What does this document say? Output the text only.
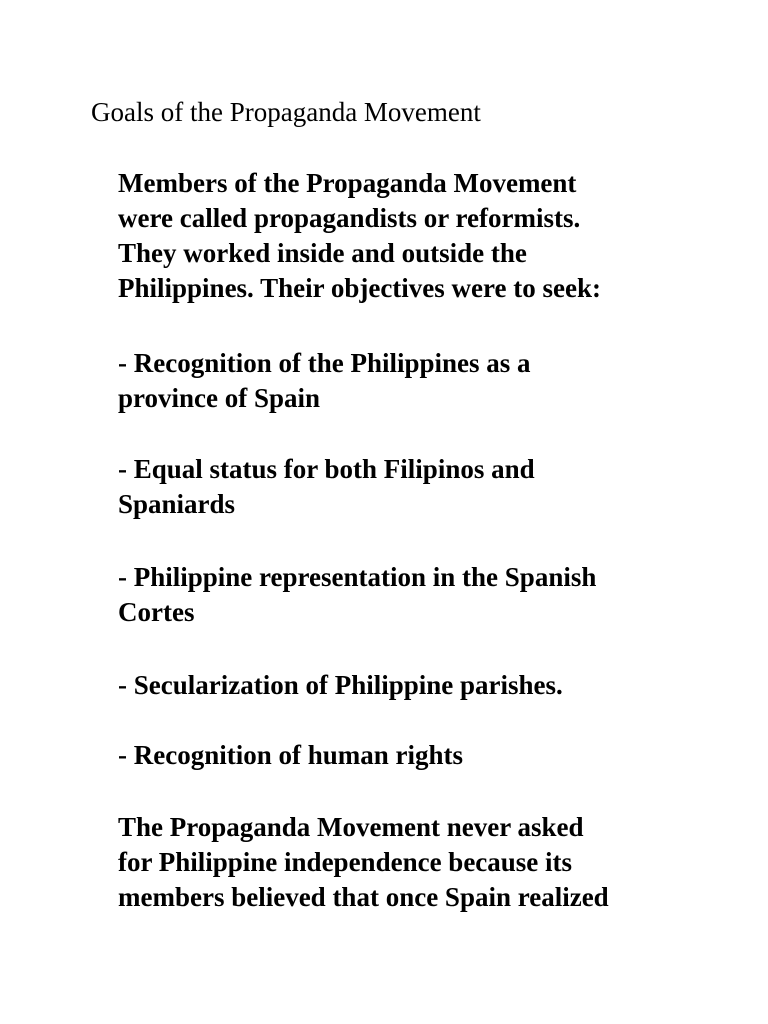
Goals of the Propaganda Movement
Members of the Propaganda Movement
were called propagandists or reformists.
They worked inside and outside the
Philippines. Their objectives were to seek:
- Recognition of the Philippines as a
province of Spain
- Equal status for both Filipinos and
Spaniards
- Philippine representation in the Spanish
Cortes
- Secularization of Philippine parishes.
- Recognition of human rights
The Propaganda Movement never asked
for Philippine independence because its
members believed that once Spain realized
